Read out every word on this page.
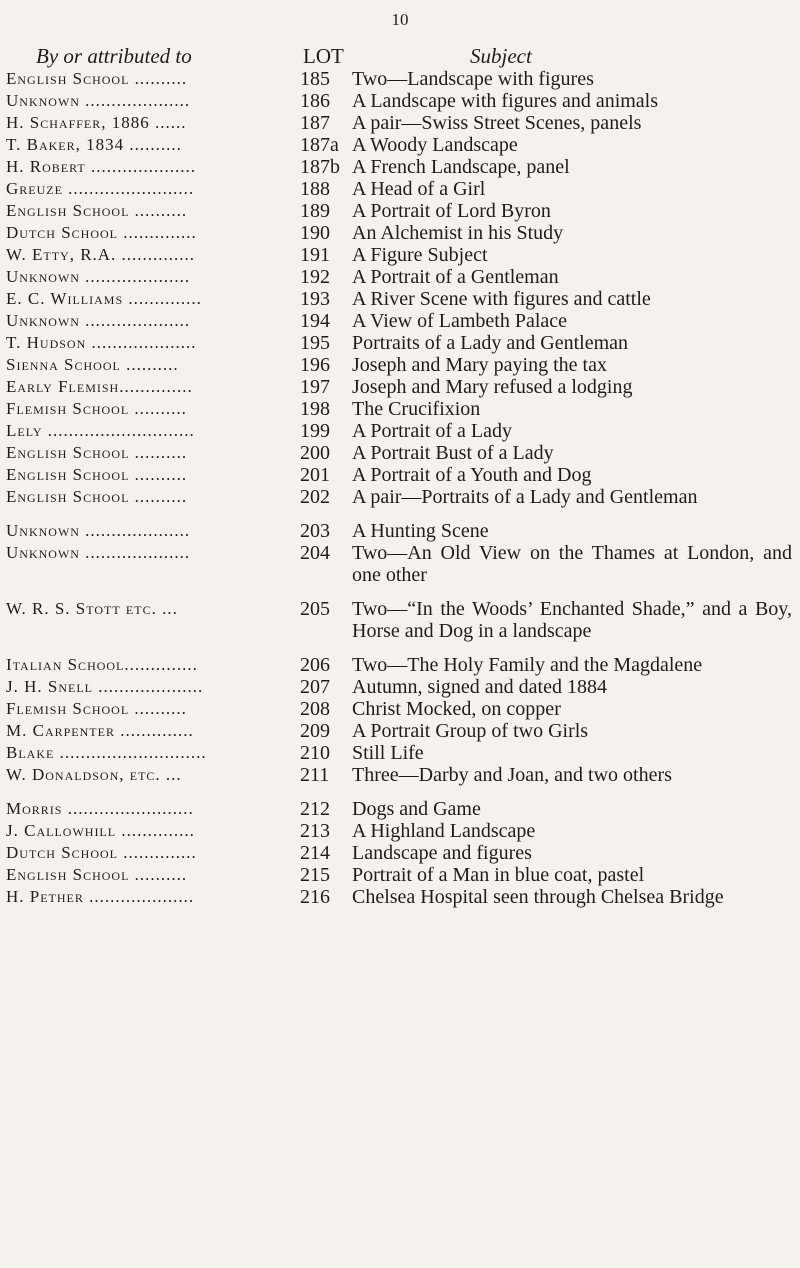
10
By or attributed to	LOT	Subject
English School ..........	185	Two—Landscape with figures
Unknown ....................	186	A Landscape with figures and animals
H. Schaffer, 1886 ......	187	A pair—Swiss Street Scenes, panels
T. Baker, 1834 ..........	187a A Woody Landscape
H. Robert ....................	187b A French Landscape, panel
Greuze ........................	188	A Head of a Girl
English School ..........	189	A Portrait of Lord Byron
Dutch School ..............	190	An Alchemist in his Study
W. Etty, R.A. ..............	191	A Figure Subject
Unknown ....................	192	A Portrait of a Gentleman
E. C. Williams ..............	193	A River Scene with figures and cattle
Unknown ....................	194	A View of Lambeth Palace
T. Hudson ....................	195	Portraits of a Lady and Gentleman
Sienna School ..........	196	Joseph and Mary paying the tax
Early Flemish..............	197	Joseph and Mary refused a lodging
Flemish School ..........	198	The Crucifixion
Lely ............................	199	A Portrait of a Lady
English School ..........	200	A Portrait Bust of a Lady
English School ..........	201	A Portrait of a Youth and Dog
English School ..........	202	A pair—Portraits of a Lady and Gentleman
Unknown ....................	203	A Hunting Scene
Unknown ....................	204	Two—An Old View on the Thames at London, and one other
W. R. S. Stott etc. ...	205	Two—“In the Woods’ Enchanted Shade,” and a Boy, Horse and Dog in a landscape
Italian School..............	206	Two—The Holy Family and the Magdalene
J. H. Snell ....................	207	Autumn, signed and dated 1884
Flemish School ..........	208	Christ Mocked, on copper
M. Carpenter ..............	209	A Portrait Group of two Girls
Blake ............................	210	Still Life
W. Donaldson, etc. ...	211	Three—Darby and Joan, and two others
Morris ........................	212	Dogs and Game
J. Callowhill ..............	213	A Highland Landscape
Dutch School ..............	214	Landscape and figures
English School ..........	215	Portrait of a Man in blue coat, pastel
H. Pether ....................	216	Chelsea Hospital seen through Chelsea Bridge
